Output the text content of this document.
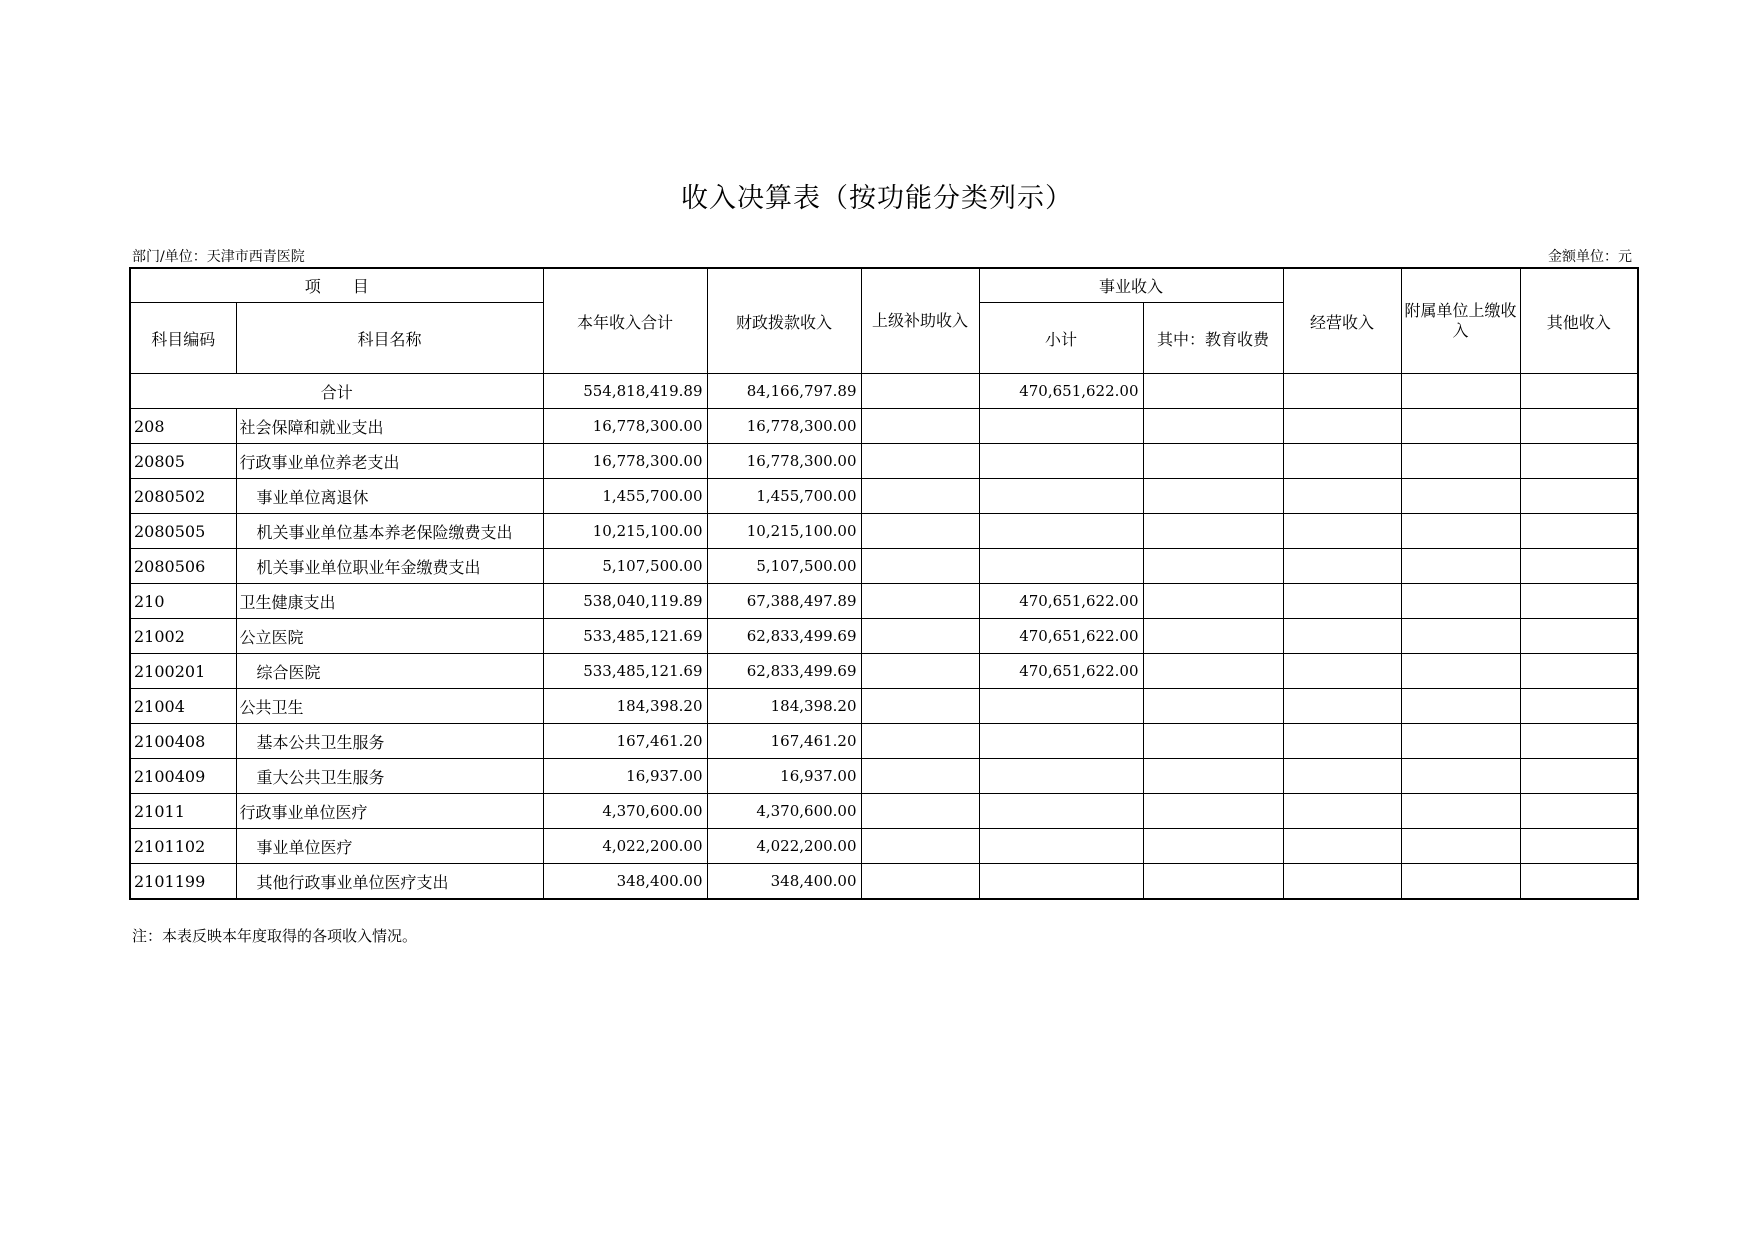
收入决算表（按功能分类列示）
部门/单位：天津市西青医院	金额单位：元
项　　目		本年收入合计	财政拨款收入	上级补助收入	事业收入		经营收入	附属单位上缴收入	其他收入
科目编码	科目名称				小计	其中：教育收费			
合计		554,818,419.89	84,166,797.89		470,651,622.00				
208	社会保障和就业支出	16,778,300.00	16,778,300.00						
20805	行政事业单位养老支出	16,778,300.00	16,778,300.00						
2080502	事业单位离退休	1,455,700.00	1,455,700.00						
2080505	机关事业单位基本养老保险缴费支出	10,215,100.00	10,215,100.00						
2080506	机关事业单位职业年金缴费支出	5,107,500.00	5,107,500.00						
210	卫生健康支出	538,040,119.89	67,388,497.89		470,651,622.00				
21002	公立医院	533,485,121.69	62,833,499.69		470,651,622.00				
2100201	综合医院	533,485,121.69	62,833,499.69		470,651,622.00				
21004	公共卫生	184,398.20	184,398.20						
2100408	基本公共卫生服务	167,461.20	167,461.20						
2100409	重大公共卫生服务	16,937.00	16,937.00						
21011	行政事业单位医疗	4,370,600.00	4,370,600.00						
2101102	事业单位医疗	4,022,200.00	4,022,200.00						
2101199	其他行政事业单位医疗支出	348,400.00	348,400.00						
注：本表反映本年度取得的各项收入情况。
